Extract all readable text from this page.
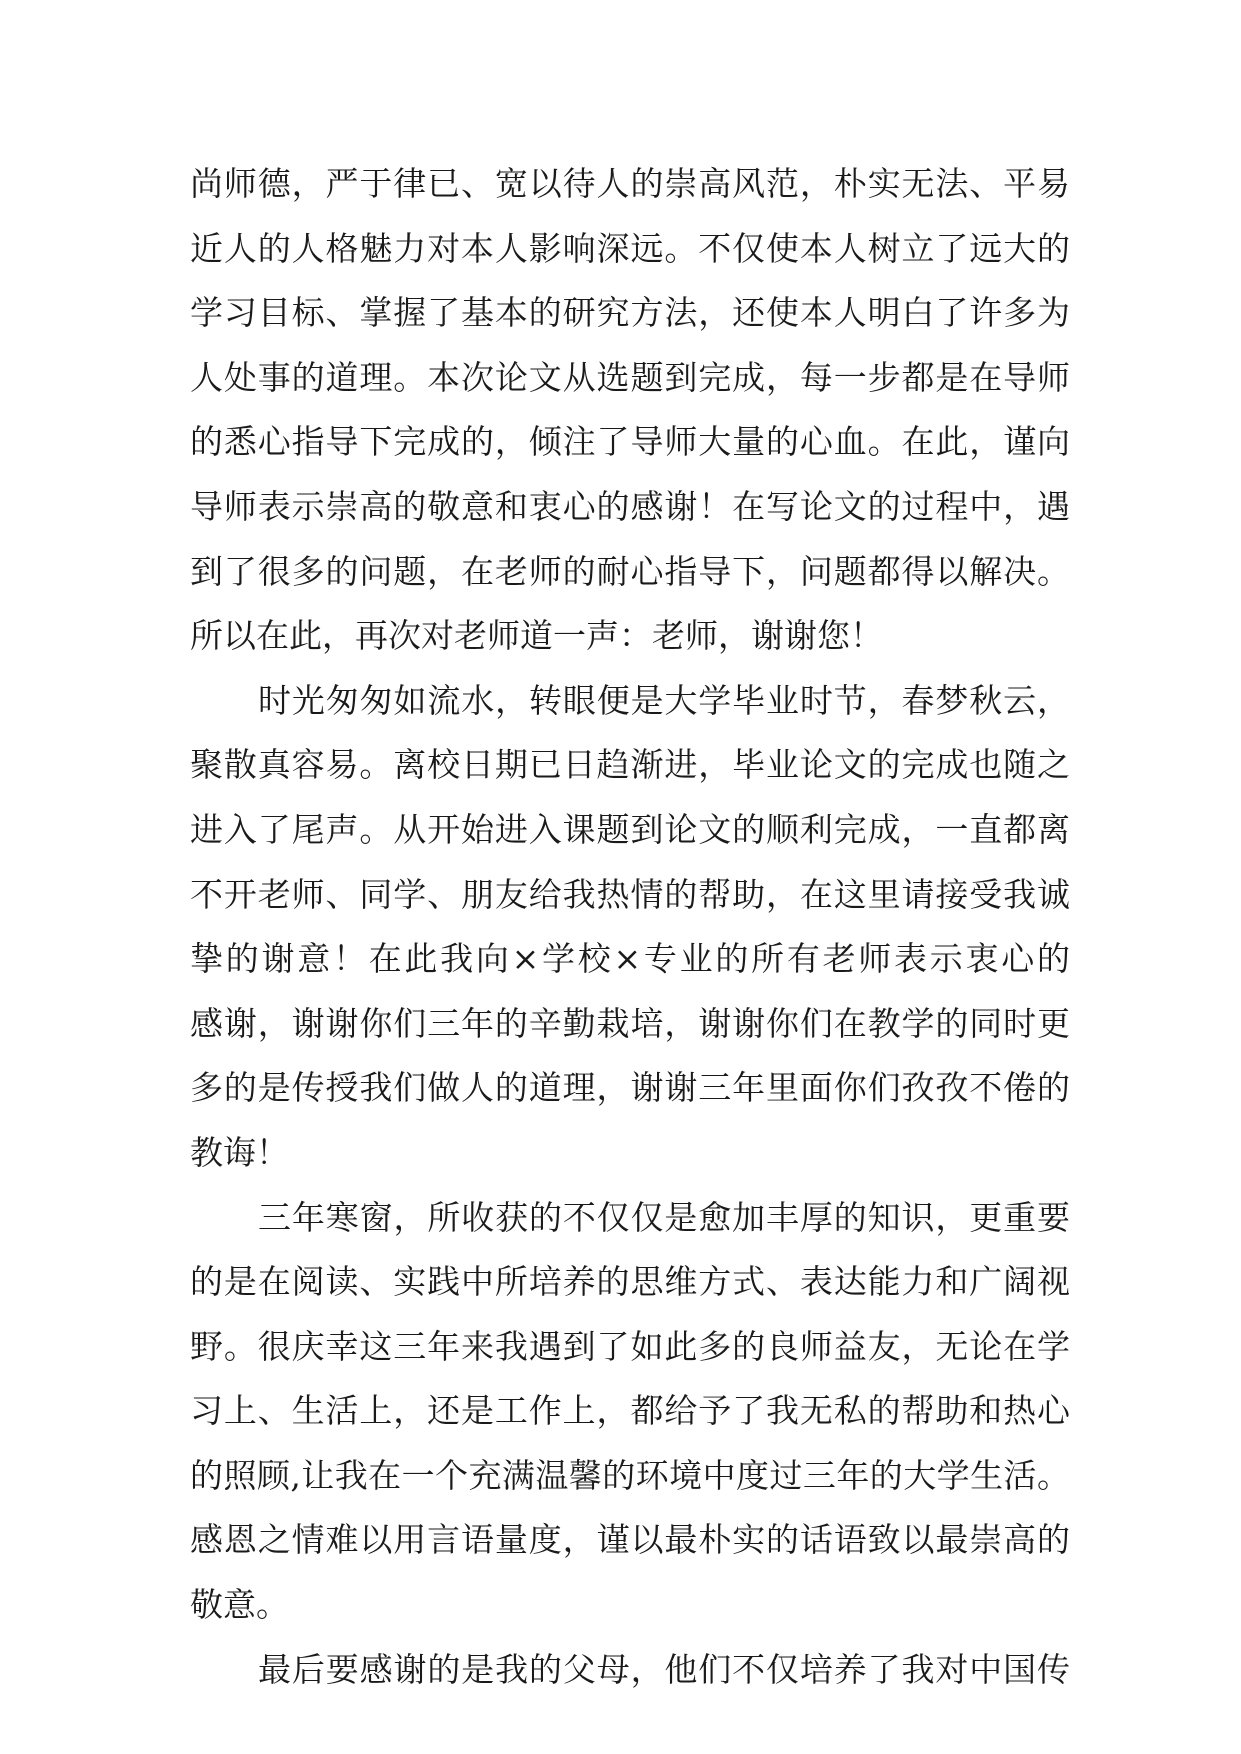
尚师德，严于律已、宽以待人的崇高风范，朴实无法、平易
近人的人格魅力对本人影响深远。不仅使本人树立了远大的
学习目标、掌握了基本的研究方法，还使本人明白了许多为
人处事的道理。本次论文从选题到完成，每一步都是在导师
的悉心指导下完成的，倾注了导师大量的心血。在此，谨向
导师表示崇高的敬意和衷心的感谢！在写论文的过程中，遇
到了很多的问题，在老师的耐心指导下，问题都得以解决。
所以在此，再次对老师道一声：老师，谢谢您！
时光匆匆如流水，转眼便是大学毕业时节，春梦秋云，
聚散真容易。离校日期已日趋渐进，毕业论文的完成也随之
进入了尾声。从开始进入课题到论文的顺利完成，一直都离
不开老师、同学、朋友给我热情的帮助，在这里请接受我诚
挚的谢意！在此我向×学校×专业的所有老师表示衷心的
感谢，谢谢你们三年的辛勤栽培，谢谢你们在教学的同时更
多的是传授我们做人的道理，谢谢三年里面你们孜孜不倦的
教诲！
三年寒窗，所收获的不仅仅是愈加丰厚的知识，更重要
的是在阅读、实践中所培养的思维方式、表达能力和广阔视
野。很庆幸这三年来我遇到了如此多的良师益友，无论在学
习上、生活上，还是工作上，都给予了我无私的帮助和热心
的照顾,让我在一个充满温馨的环境中度过三年的大学生活。
感恩之情难以用言语量度，谨以最朴实的话语致以最崇高的
敬意。
最后要感谢的是我的父母，他们不仅培养了我对中国传
